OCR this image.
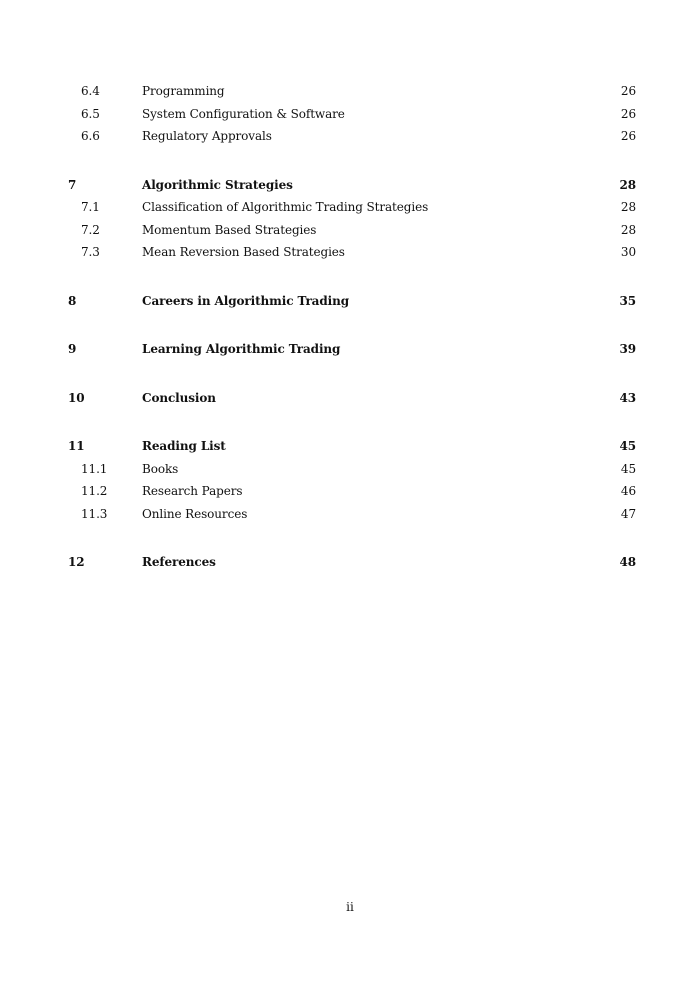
6.4	Programming	26
6.5	System Configuration & Software	26
6.6	Regulatory Approvals	26
7	Algorithmic Strategies	28
7.1	Classification of Algorithmic Trading Strategies	28
7.2	Momentum Based Strategies	28
7.3	Mean Reversion Based Strategies	30
8	Careers in Algorithmic Trading	35
9	Learning Algorithmic Trading	39
10	Conclusion	43
11	Reading List	45
11.1	Books	45
11.2	Research Papers	46
11.3	Online Resources	47
12	References	48
ii
